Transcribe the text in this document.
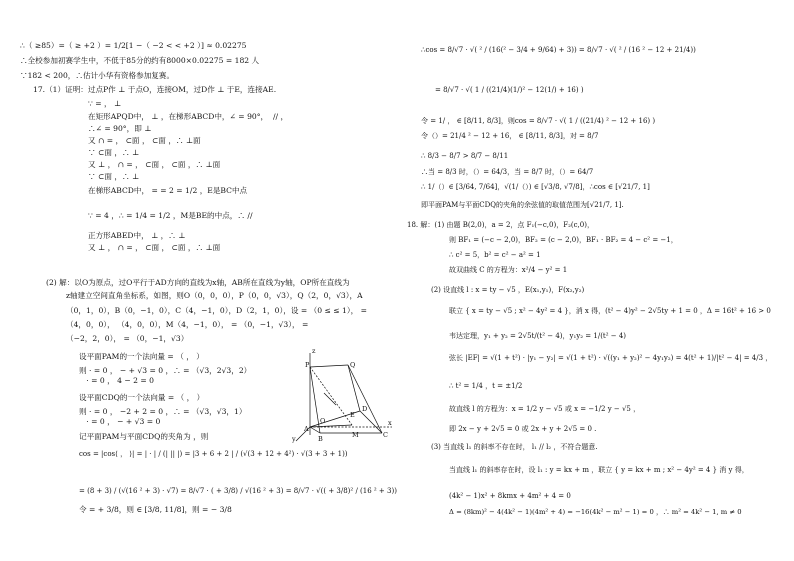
∴（ ≥85）=（ ≥ +2 ）= 1/2[1 −（ −2 < < +2 ）] ≈ 0.02275
∴全校参加初赛学生中，不低于85分的约有8000×0.02275 = 182 人
∵182 < 200，∴估计小华有资格参加复赛。
17.（1）证明：过点P作 ⊥ 于点O，连接OM，过D作 ⊥ 于E，连接AE.
∵ = ， ⊥
在矩形APQD中， ⊥ ，在梯形ABCD中，∠ = 90°，  // ，
∴∠ = 90°，即 ⊥
又 ∩ = ， ⊂面 ， ⊂面 ，∴ ⊥面
∵ ⊂面 ，∴ ⊥
又 ⊥ ， ∩ = ， ⊂面 ， ⊂面 ，∴ ⊥面
∵ ⊂面 ，∴ ⊥
在梯形ABCD中， = = 2 = 1/2 ，E是BC中点
∵ = 4 ，∴ = 1/4 = 1/2 ，M是BE的中点，∴ //
正方形ABED中， ⊥ ，∴ ⊥
又 ⊥ ， ∩ = ， ⊂面 ， ⊂面 ，∴ ⊥面
(2) 解：以O为原点，过O平行于AD方向的直线为x轴，AB所在直线为y轴，OP所在直线为
z轴建立空间直角坐标系，如图，则O（0，0，0），P（0，0，√3），Q（2，0，√3），A
（0，1，0），B（0，−1，0），C（4，−1，0），D（2，1，0），设 = （0 ≤ ≤ 1）， =
（4，0，0）， （4，0，0），M（4，−1，0）， = （0，−1，√3）， =
（−2，2，0）， = （0，−1，√3）
设平面PAM的一个法向量 = （ ， ）
则 · = 0 ， − + √3 = 0 ，∴ = （√3，2√3，2）
· = 0 ， 4 − 2 = 0
设平面CDQ的一个法向量 = （ ， ）
则 · = 0 ， −2 + 2 = 0 ，∴ = （√3，√3，1）
· = 0 ， − + √3 = 0
记平面PAM与平面CDQ的夹角为 ，则
cos = |cos⟨ ， ⟩| = | · | / (| || |) = |3 + 6 + 2 | / (√(3 + 12 + 4²) · √(3 + 3 + 1))
= (8 + 3) / (√(16 ² + 3) · √7) = 8/√7 · ( + 3/8) / √(16 ² + 3) = 8/√7 · √(( + 3/8)² / (16 ² + 3))
令 = + 3/8，则 ∈ [3/8, 11/8]，则 = − 3/8
P	Q
z
A
D
O
B
E
M	C
x
y
∴cos = 8/√7 · √( ² / (16(² − 3/4 + 9/64) + 3)) = 8/√7 · √( ² / (16 ² − 12 + 21/4))
= 8/√7 · √( 1 / ((21/4)(1/)² − 12(1/) + 16) )
令 = 1/ ， ∈ [8/11, 8/3]，则cos = 8/√7 · √( 1 / ((21/4) ² − 12 + 16) )
令（）= 21/4 ² − 12 + 16， ∈ [8/11, 8/3]，对 = 8/7
∴ 8/3 − 8/7 > 8/7 − 8/11
∴当 = 8/3 时，（）= 64/3，当 = 8/7 时，（）= 64/7
∴ 1/（）∈ [3/64, 7/64]，√(1/（）) ∈ [√3/8, √7/8]，∴cos ∈ [√21/7, 1]
即平面PAM与平面CDQ的夹角的余弦值的取值范围为[√21/7, 1].
18. 解：(1) 由题 B(2,0)，a = 2，点 F₁(−c,0)，F₂(c,0)，
则 BF₁ = (−c − 2,0)，BF₂ = (c − 2,0)，BF₁ · BF₂ = 4 − c² = −1，
∴ c² = 5，b² = c² − a² = 1
故双曲线 C 的方程为：x²/4 − y² = 1
(2) 设直线 l : x = ty − √5 ，E(x₁,y₁)，F(x₂,y₂)
联立 { x = ty − √5 ; x² − 4y² = 4 }，消 x 得，(t² − 4)y² − 2√5ty + 1 = 0 ，Δ = 16t² + 16 > 0
韦达定理，y₁ + y₂ = 2√5t/(t² − 4)，y₁y₂ = 1/(t² − 4)
弦长 |EF| = √(1 + t²) · |y₁ − y₂| = √(1 + t²) · √((y₁ + y₂)² − 4y₁y₂) = 4(t² + 1)/|t² − 4| = 4/3 ，
∴ t² = 1/4 ，t = ±1/2
故直线 l 的方程为：x = 1/2 y − √5 或 x = −1/2 y − √5 ，
即 2x − y + 2√5 = 0 或 2x + y + 2√5 = 0 .
(3) 当直线 l₁ 的斜率不存在时， l₁ // l₂ ，不符合题意.
当直线 l₁ 的斜率存在时，设 l₁ : y = kx + m ，联立 { y = kx + m ; x² − 4y² = 4 } 消 y 得，
(4k² − 1)x² + 8kmx + 4m² + 4 = 0
Δ = (8km)² − 4(4k² − 1)(4m² + 4) = −16(4k² − m² − 1) = 0 ，∴ m² = 4k² − 1, m ≠ 0
